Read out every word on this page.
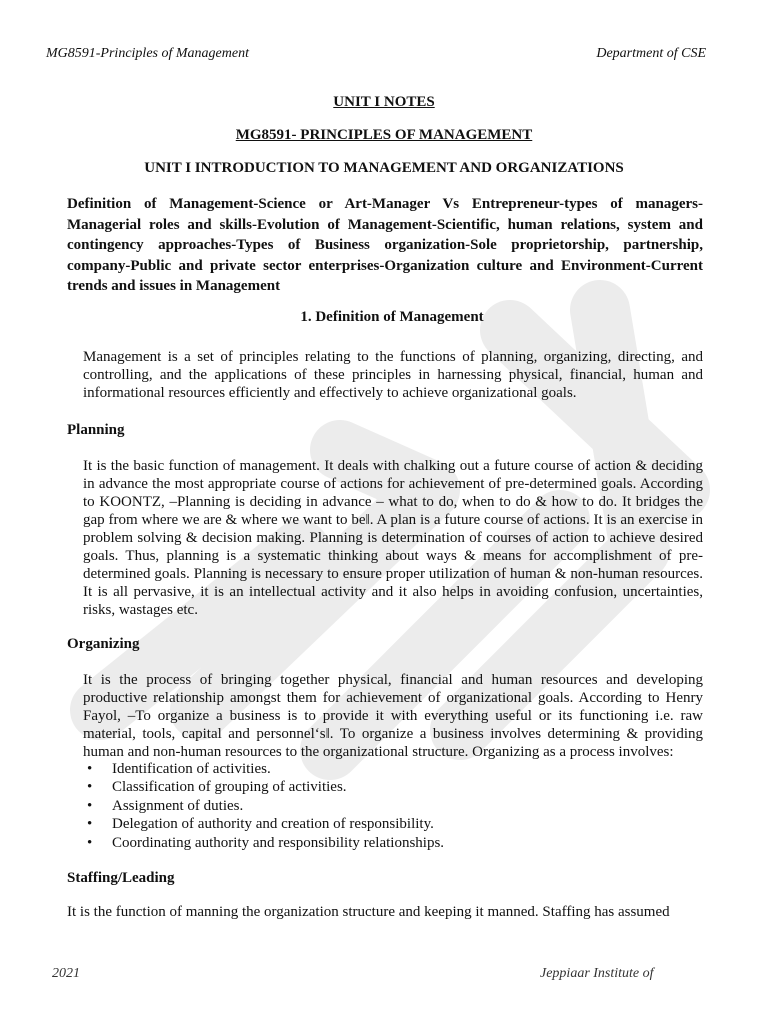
MG8591-Principles of Management	Department of CSE
UNIT I NOTES
MG8591- PRINCIPLES OF MANAGEMENT
UNIT I INTRODUCTION TO MANAGEMENT AND ORGANIZATIONS
Definition of Management-Science or Art-Manager Vs Entrepreneur-types of managers-Managerial roles and skills-Evolution of Management-Scientific, human relations, system and contingency approaches-Types of Business organization-Sole proprietorship, partnership, company-Public and private sector enterprises-Organization culture and Environment-Current trends and issues in Management
1. Definition of Management
Management is a set of principles relating to the functions of planning, organizing, directing, and controlling, and the applications of these principles in harnessing physical, financial, human and informational resources efficiently and effectively to achieve organizational goals.
Planning
It is the basic function of management. It deals with chalking out a future course of action & deciding in advance the most appropriate course of actions for achievement of pre-determined goals. According to KOONTZ, –Planning is deciding in advance – what to do, when to do & how to do. It bridges the gap from where we are & where we want to be‖. A plan is a future course of actions. It is an exercise in problem solving & decision making. Planning is determination of courses of action to achieve desired goals. Thus, planning is a systematic thinking about ways & means for accomplishment of pre- determined goals. Planning is necessary to ensure proper utilization of human & non-human resources. It is all pervasive, it is an intellectual activity and it also helps in avoiding confusion, uncertainties, risks, wastages etc.
Organizing
It is the process of bringing together physical, financial and human resources and developing productive relationship amongst them for achievement of organizational goals. According to Henry Fayol, –To organize a business is to provide it with everything useful or its functioning i.e. raw material, tools, capital and personnel‘s‖. To organize a business involves determining & providing human and non-human resources to the organizational structure. Organizing as a process involves:
• Identification of activities.
• Classification of grouping of activities.
• Assignment of duties.
• Delegation of authority and creation of responsibility.
• Coordinating authority and responsibility relationships.
Staffing/Leading
It is the function of manning the organization structure and keeping it manned. Staffing has assumed
2021	Jeppiaar Institute of
